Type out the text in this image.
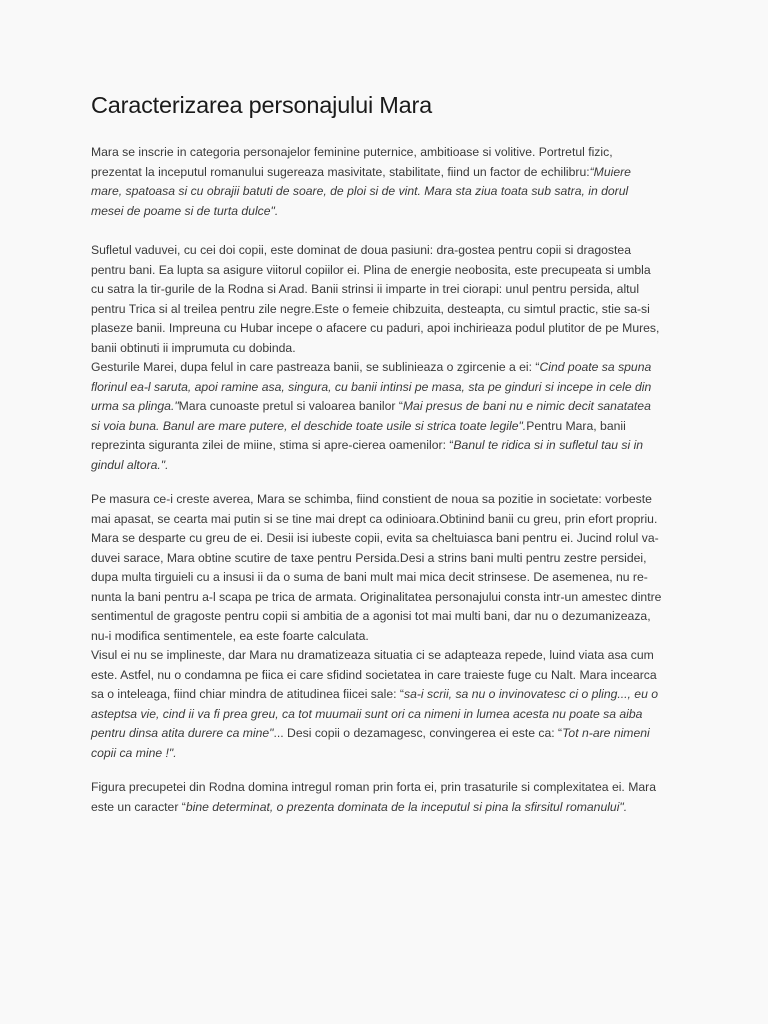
Caracterizarea personajului Mara
Mara se inscrie in categoria personajelor feminine puternice, ambitioase si volitive. Portretul fizic,
prezentat la inceputul romanului sugereaza masivitate, stabilitate, fiind un factor de echilibru:“Muiere
mare, spatoasa si cu obrajii batuti de soare, de ploi si de vint. Mara sta ziua toata sub satra, in dorul
mesei de poame si de turta dulce".
Sufletul vaduvei, cu cei doi copii, este dominat de doua pasiuni: dra-gostea pentru copii si dragostea
pentru bani. Ea lupta sa asigure viitorul copiilor ei. Plina de energie neobosita, este precupeata si umbla
cu satra la tir-gurile de la Rodna si Arad. Banii strinsi ii imparte in trei ciorapi: unul pentru persida, altul
pentru Trica si al treilea pentru zile negre.Este o femeie chibzuita, desteapta, cu simtul practic, stie sa-si
plaseze banii. Impreuna cu Hubar incepe o afacere cu paduri, apoi inchirieaza podul plutitor de pe Mures,
banii obtinuti ii imprumuta cu dobinda.
Gesturile Marei, dupa felul in care pastreaza banii, se sublinieaza o zgircenie a ei: “Cind poate sa spuna
florinul ea-l saruta, apoi ramine asa, singura, cu banii intinsi pe masa, sta pe ginduri si incepe in cele din
urma sa plinga."Mara cunoaste pretul si valoarea banilor “Mai presus de bani nu e nimic decit sanatatea
si voia buna. Banul are mare putere, el deschide toate usile si strica toate legile".Pentru Mara, banii
reprezinta siguranta zilei de miine, stima si apre-cierea oamenilor: “Banul te ridica si in sufletul tau si in
gindul altora.".
Pe masura ce-i creste averea, Mara se schimba, fiind constient de noua sa pozitie in societate: vorbeste
mai apasat, se cearta mai putin si se tine mai drept ca odinioara.Obtinind banii cu greu, prin efort propriu.
Mara se desparte cu greu de ei. Desii isi iubeste copii, evita sa cheltuiasca bani pentru ei. Jucind rolul va-
duvei sarace, Mara obtine scutire de taxe pentru Persida.Desi a strins bani multi pentru zestre persidei,
dupa multa tirguieli cu a insusi ii da o suma de bani mult mai mica decit strinsese. De asemenea, nu re-
nunta la bani pentru a-l scapa pe trica de armata. Originalitatea personajului consta intr-un amestec dintre
sentimentul de gragoste pentru copii si ambitia de a agonisi tot mai multi bani, dar nu o dezumanizeaza,
nu-i modifica sentimentele, ea este foarte calculata.
Visul ei nu se implineste, dar Mara nu dramatizeaza situatia ci se adapteaza repede, luind viata asa cum
este. Astfel, nu o condamna pe fiica ei care sfidind societatea in care traieste fuge cu Nalt. Mara incearca
sa o inteleaga, fiind chiar mindra de atitudinea fiicei sale: “sa-i scrii, sa nu o invinovatesc ci o pling..., eu o
asteptsa vie, cind ii va fi prea greu, ca tot muumaii sunt ori ca nimeni in lumea acesta nu poate sa aiba
pentru dinsa atita durere ca mine"... Desi copii o dezamagesc, convingerea ei este ca: “Tot n-are nimeni
copii ca mine !".
Figura precupetei din Rodna domina intregul roman prin forta ei, prin trasaturile si complexitatea ei. Mara
este un caracter “bine determinat, o prezenta dominata de la inceputul si pina la sfirsitul romanului".
